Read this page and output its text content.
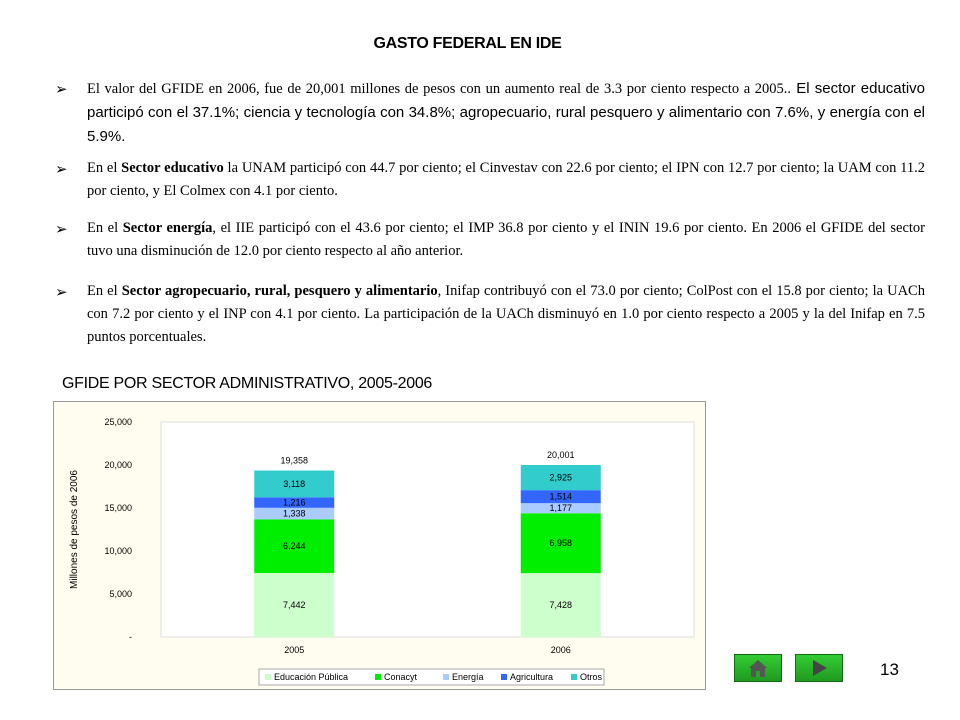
GASTO FEDERAL EN IDE
➢ El valor del GFIDE en 2006, fue de 20,001 millones de pesos con un aumento real de 3.3 por ciento respecto a 2005.. El sector educativo participó con el 37.1%; ciencia y tecnología con 34.8%; agropecuario, rural pesquero y alimentario con 7.6%, y energía con el 5.9%.
➢ En el Sector educativo la UNAM participó con 44.7 por ciento; el Cinvestav con 22.6 por ciento; el IPN con 12.7 por ciento; la UAM con 11.2 por ciento, y El Colmex con 4.1 por ciento.
➢ En el Sector energía, el IIE participó con el 43.6 por ciento; el IMP 36.8 por ciento y el ININ 19.6 por ciento. En 2006 el GFIDE del sector tuvo una disminución de 12.0 por ciento respecto al año anterior.
➢ En el Sector agropecuario, rural, pesquero y alimentario, Inifap contribuyó con el 73.0 por ciento; ColPost con el 15.8 por ciento; la UACh con 7.2 por ciento y el INP con 4.1 por ciento. La participación de la UACh disminuyó en 1.0 por ciento respecto a 2005 y la del Inifap en 7.5 puntos porcentuales.
GFIDE POR SECTOR ADMINISTRATIVO, 2005-2006
-
5,000
10,000
15,000
20,000
25,000
Millones de pesos de 2006
7,442
6,244
1,338
1,216
3,118
19,358
2005
7,428
6,958
1,177
1,514
2,925
20,001
2006
Educación Pública	Conacyt	Energía	Agricultura	Otros	13
